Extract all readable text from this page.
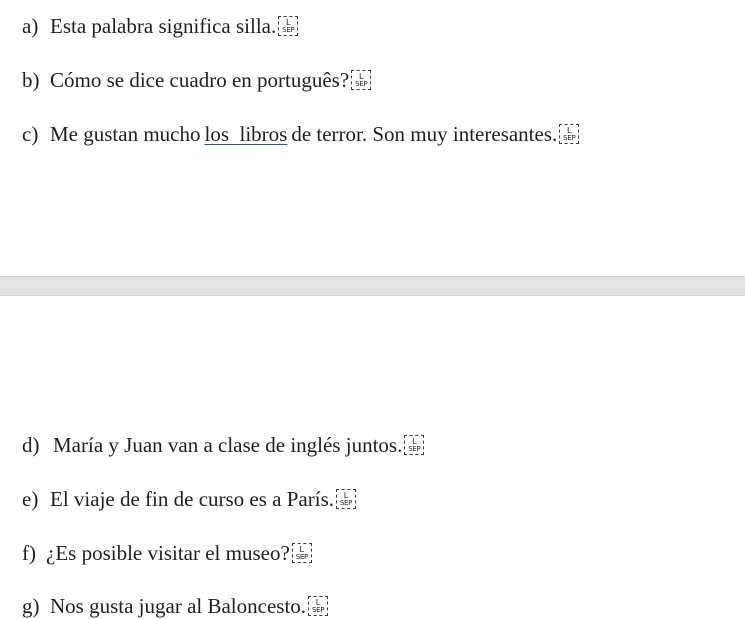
a) Esta palabra significa silla. L
SEP
b) Cómo se dice cuadro en português? L
SEP
c) Me gustan mucho los  libros de terror. Son muy interesantes. L
SEP
d) María y Juan van a clase de inglés juntos. L
SEP
e) El viaje de fin de curso es a París. L
SEP
f) ¿Es posible visitar el museo? L
SEP
g) Nos gusta jugar al Baloncesto. L
SEP
